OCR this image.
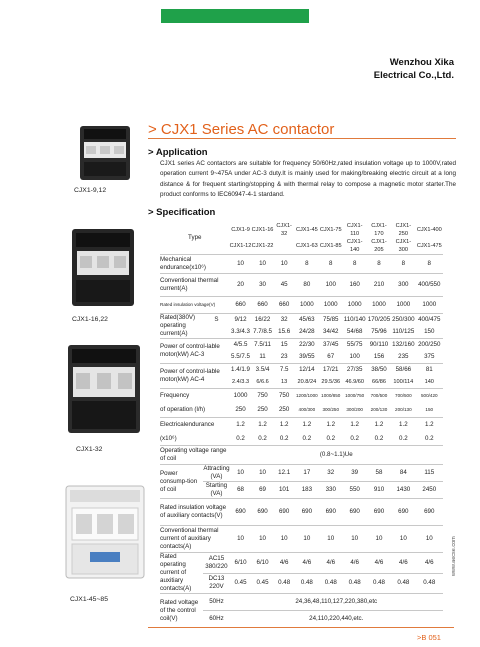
Wenzhou Xika
Electrical Co.,Ltd.
> CJX1 Series AC contactor
> Application
CJX1 series AC contactors are suitable for frequency 50/60Hz,rated insulation voltage up to 1000V,rated operation current 9~475A under AC-3 duty.It is mainly used for making/breaking electric circuit at a long distance & for frequent starting/stopping & with thermal relay to compose a magnetic motor starter.The product conforms to IEC60947-4-1 stardand.
> Specification
CJX1-9,12
CJX1-16,22
CJX1-32
CJX1-45~85
Type		CJX1-9	CJX1-16	CJX1-32	CJX1-45	CJX1-75	CJX1-110	CJX1-170	CJX1-250	CJX1-400
		CJX1-12	CJX1-22		CJX1-63	CJX1-85	CJX1-140	CJX1-205	CJX1-300	CJX1-475
Mechanical endurance(x10⁶)		10	10	10	8	8	8	8	8	8
Conventional thermal current(A)		20	30	45	80	100	160	210	300	400/550
Rated insulation voltage(V)		660	660	660	1000	1000	1000	1000	1000	1000
Rated(380V) operating current(A)	S	9/12	16/22	32	45/63	75/85	110/140	170/205	250/300	400/475
		3.3/4.3	7.7/8.5	15.6	24/28	34/42	54/68	75/96	110/125	150
Power of control-lable motor(kW) AC-3		4/5.5	7.5/11	15	22/30	37/45	55/75	90/110	132/160	200/250
		5.5/7.5	11	23	39/55	67	100	156	235	375
Power of control-lable motor(kW) AC-4		1.4/1.9	3.5/4	7.5	12/14	17/21	27/35	38/50	58/66	81
		2.4/3.3	6/6.6	13	20.8/24	29.5/36	46.9/60	66/86	100/114	140
Frequency		1000	750	750	1200/1000	1000/850	1000/750	700/500	700/500	500/420
of operation (l/h)		250	250	250	400/300	300/250	300/200	200/130	200/130	150
Electricalendurance		1.2	1.2	1.2	1.2	1.2	1.2	1.2	1.2	1.2
(x10⁶)		0.2	0.2	0.2	0.2	0.2	0.2	0.2	0.2	0.2
Operating voltage range of coil		(0.8~1.1)Ue								
Power consump-tion of coil	Attracting (VA)	10	10	12.1	17	32	39	58	84	115
	Starting (VA)	68	69	101	183	330	550	910	1430	2450
Rated insulation voltage of auxiliary contacts(V)		690	690	690	690	690	690	690	690	690
Conventional thermal current of auxitiary contacts(A)		10	10	10	10	10	10	10	10	10
Rated operating current of auxitiary contacts(A)	AC15 380/220	6/10	6/10	4/6	4/6	4/6	4/6	4/6	4/6	4/6
	DC13 220V	0.45	0.45	0.48	0.48	0.48	0.48	0.48	0.48	0.48
Rated voltage of the control coil(V)	50Hz	24,36,48,110,127,220,380,etc								
	60Hz	24,110,220,440,etc.								
www.aecse.com
>B 051
